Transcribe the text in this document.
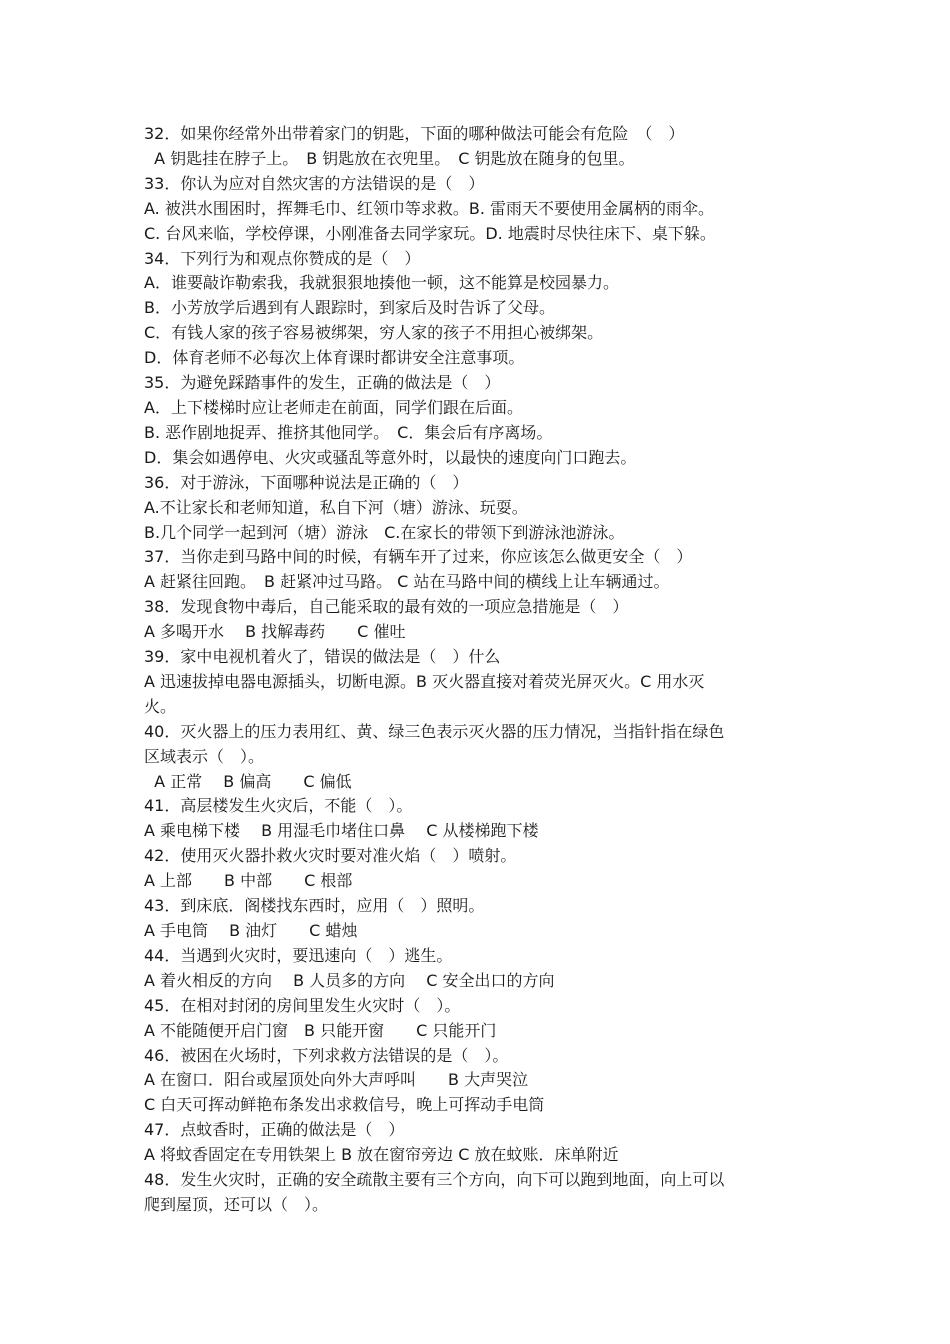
32．如果你经常外出带着家门的钥匙，下面的哪种做法可能会有危险　（　）
A 钥匙挂在脖子上。　B 钥匙放在衣兜里。　C 钥匙放在随身的包里。
33．你认为应对自然灾害的方法错误的是（　）
A. 被洪水围困时，挥舞毛巾、红领巾等求救。B. 雷雨天不要使用金属柄的雨伞。
C. 台风来临，学校停课，小刚准备去同学家玩。D. 地震时尽快往床下、桌下躲。
34．下列行为和观点你赞成的是（　）
A．谁要敲诈勒索我，我就狠狠地揍他一顿，这不能算是校园暴力。
B．小芳放学后遇到有人跟踪时，到家后及时告诉了父母。
C．有钱人家的孩子容易被绑架，穷人家的孩子不用担心被绑架。
D．体育老师不必每次上体育课时都讲安全注意事项。
35．为避免踩踏事件的发生，正确的做法是（　）
A．上下楼梯时应让老师走在前面，同学们跟在后面。
B. 恶作剧地捉弄、推挤其他同学。　C．集会后有序离场。
D．集会如遇停电、火灾或骚乱等意外时，以最快的速度向门口跑去。
36．对于游泳，下面哪种说法是正确的（　）
A.不让家长和老师知道，私自下河（塘）游泳、玩耍。
B.几个同学一起到河（塘）游泳　C.在家长的带领下到游泳池游泳。
37．当你走到马路中间的时候，有辆车开了过来，你应该怎么做更安全（　）
A 赶紧往回跑。　B 赶紧冲过马路。 C 站在马路中间的横线上让车辆通过。
38．发现食物中毒后，自己能采取的最有效的一项应急措施是（　）
A 多喝开水　 B 找解毒药　　C 催吐
39．家中电视机着火了，错误的做法是（　）什么
A 迅速拔掉电器电源插头，切断电源。B 灭火器直接对着荧光屏灭火。C 用水灭
火。
40．灭火器上的压力表用红、黄、绿三色表示灭火器的压力情况，当指针指在绿色
区域表示（　）。
A 正常　 B 偏高　　C 偏低
41．高层楼发生火灾后，不能（　）。
A 乘电梯下楼　 B 用湿毛巾堵住口鼻　 C 从楼梯跑下楼
42．使用灭火器扑救火灾时要对准火焰（　）喷射。
A 上部　　B 中部　　C 根部
43．到床底．阁楼找东西时，应用（　）照明。
A 手电筒　 B 油灯　　C 蜡烛
44．当遇到火灾时，要迅速向（　）逃生。
A 着火相反的方向　 B 人员多的方向　 C 安全出口的方向
45．在相对封闭的房间里发生火灾时（　）。
A 不能随便开启门窗　B 只能开窗　　C 只能开门
46．被困在火场时，下列求救方法错误的是（　）。
A 在窗口．阳台或屋顶处向外大声呼叫　　B 大声哭泣
C 白天可挥动鲜艳布条发出求救信号，晚上可挥动手电筒
47．点蚊香时，正确的做法是（　）
A 将蚊香固定在专用铁架上 B 放在窗帘旁边 C 放在蚊账．床单附近
48．发生火灾时，正确的安全疏散主要有三个方向，向下可以跑到地面，向上可以
爬到屋顶，还可以（　）。
